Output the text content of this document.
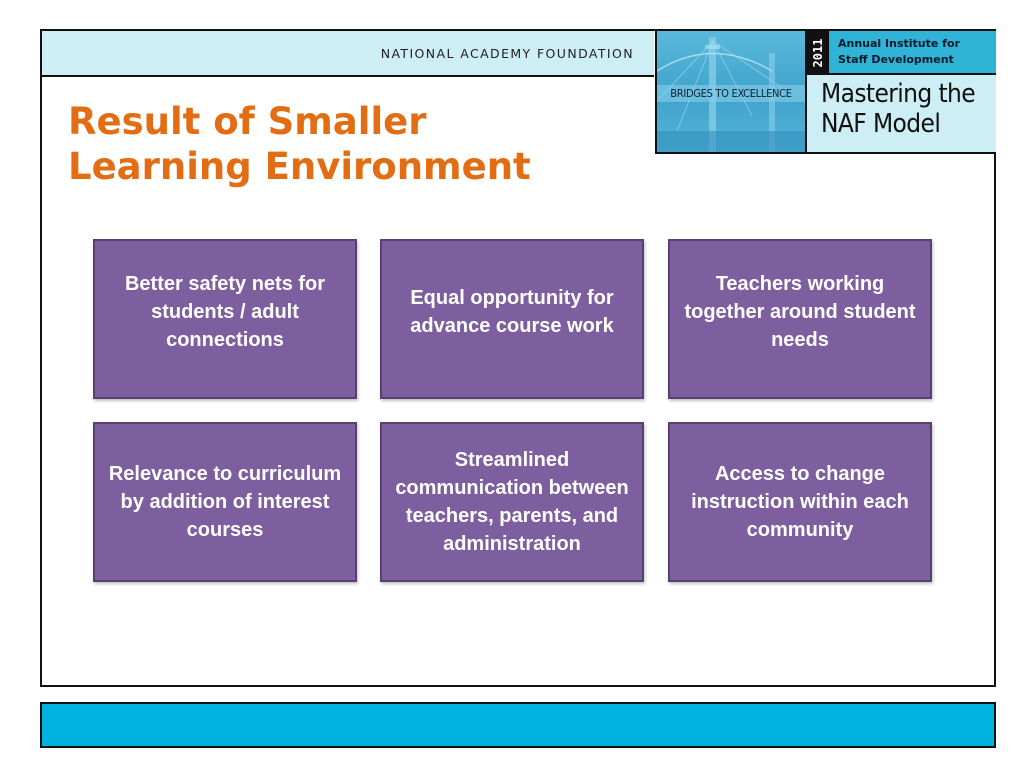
NATIONAL ACADEMY FOUNDATION
BRIDGES TO EXCELLENCE
2011 Annual Institute for
Staff Development
Mastering the
NAF Model
Result of Smaller
Learning Environment
Better safety nets for students / adult connections
Equal opportunity for advance course work
Teachers working together around student needs
Relevance to curriculum by addition of interest courses
Streamlined communication between teachers, parents, and administration
Access to change instruction within each community
